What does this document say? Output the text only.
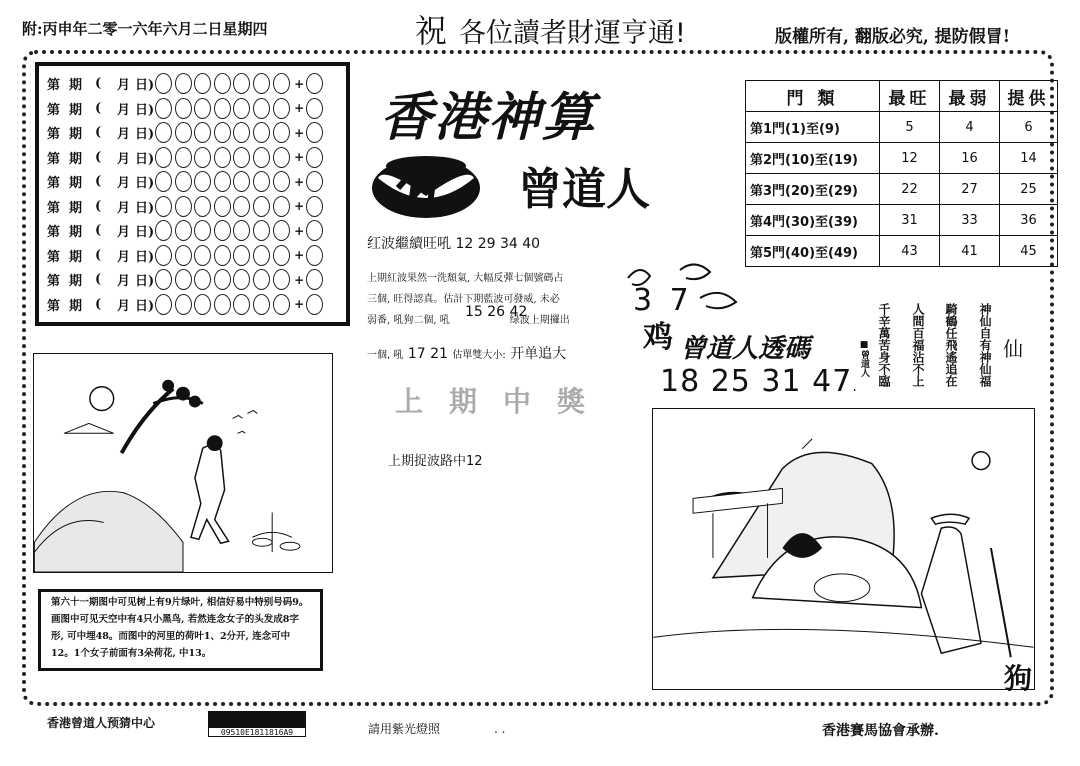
附:丙申年二零一六年六月二日星期四	祝 各位讀者財運亨通!	版權所有, 翻版必究, 提防假冒!
第 期 (	月 日)	+
第 期 (	月 日)	+
第 期 (	月 日)	+
第 期 (	月 日)	+
第 期 (	月 日)	+
第 期 (	月 日)	+
第 期 (	月 日)	+
第 期 (	月 日)	+
第 期 (	月 日)	+
第 期 (	月 日)	+
香港神算
曾道人
红波繼續旺吼 12 29 34 40
上期紅波果然一洗頹氣, 大幅反彈七個號碼占
三個, 旺得認真。估計下期藍波可發威, 未必
弱番, 吼狗二個, 吼	绿波上期攞出
15 26 42
一個, 吼 17 21 估單雙大小: 开单追大
上期中獎
上期捉波路中12
門 類	最旺	最弱	提供
第1門(1)至(9)	5	4	6
第2門(10)至(19)	12	16	14
第3門(20)至(29)	22	27	25
第4門(30)至(39)	31	33	36
第5門(40)至(49)	43	41	45
3 7
鸡 曾道人透碼
18 25 31 47.	神仙自有神仙福
騎鶴任飛遙追在
人間百福沾不上
千辛萬苦身不臨
■曾道人	仙
第六十一期图中可见树上有9片绿叶, 相信好易中特别号码9。画图中可见天空中有4只小黑鸟, 若然连念女子的头发成8字形, 可中埋48。而图中的河里的荷叶1、2分开, 连念可中12。1个女子前面有3朵荷花, 中13。
狗
香港曾道人预猜中心
09510E1811816A9	請用紫光燈照	. .	香港賽馬協會承辦.
